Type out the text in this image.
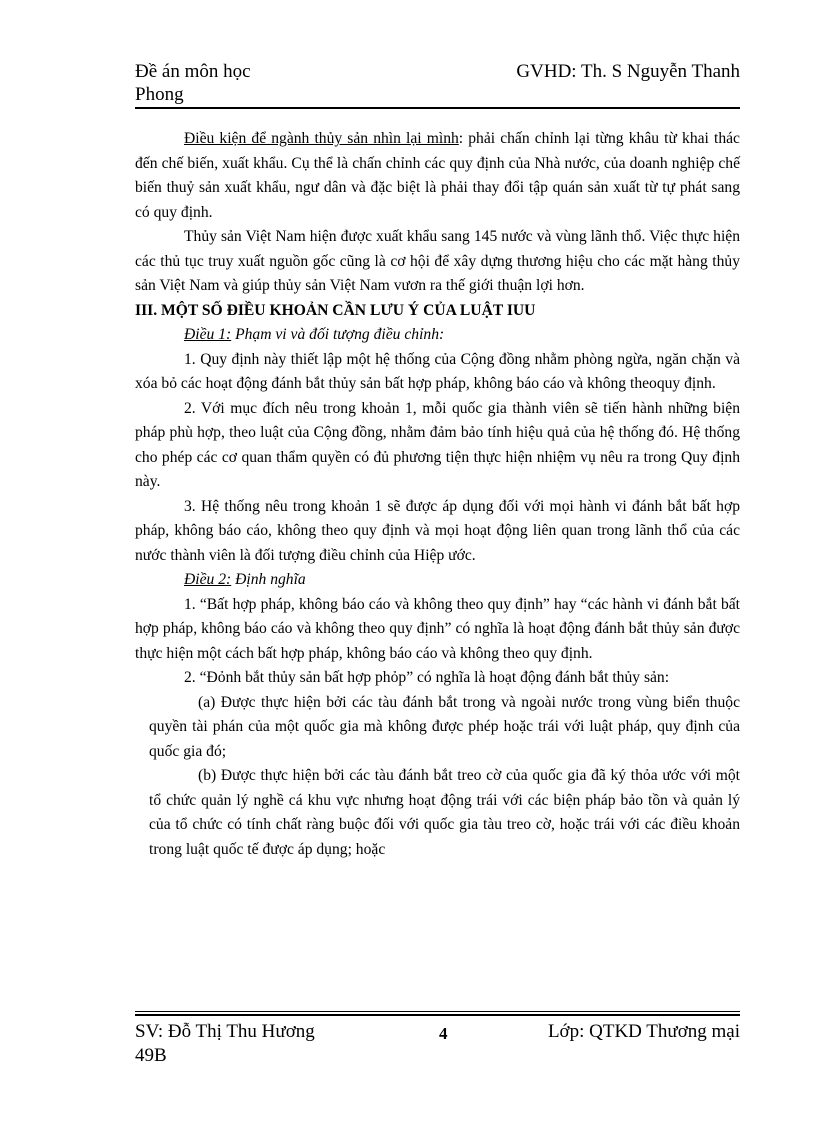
Đề án môn học
Phong
GVHD: Th. S Nguyễn Thanh

Điều kiện để ngành thủy sản nhìn lại mình: phải chấn chỉnh lại từng khâu từ khai thác đến chế biến, xuất khẩu. Cụ thể là chấn chỉnh các quy định của Nhà nước, của doanh nghiệp chế biến thuỷ sản xuất khẩu, ngư dân và đặc biệt là phải thay đổi tập quán sản xuất từ tự phát sang có quy định.

Thủy sản Việt Nam hiện được xuất khẩu sang 145 nước và vùng lãnh thổ. Việc thực hiện các thủ tục truy xuất nguồn gốc cũng là cơ hội để xây dựng thương hiệu cho các mặt hàng thủy sản Việt Nam và giúp thủy sản Việt Nam vươn ra thế giới thuận lợi hơn.

III. MỘT SỐ ĐIỀU KHOẢN CẦN LƯU Ý CỦA LUẬT IUU

Điều 1: Phạm vi và đối tượng điều chỉnh:

1. Quy định này thiết lập một hệ thống của Cộng đồng nhằm phòng ngừa, ngăn chặn và xóa bỏ các hoạt động đánh bắt thủy sản bất hợp pháp, không báo cáo và không theoquy định.

2. Với mục đích nêu trong khoản 1, mỗi quốc gia thành viên sẽ tiến hành những biện pháp phù hợp, theo luật của Cộng đồng, nhằm đảm bảo tính hiệu quả của hệ thống đó. Hệ thống cho phép các cơ quan thẩm quyền có đủ phương tiện thực hiện nhiệm vụ nêu ra trong Quy định này.

3. Hệ thống nêu trong khoản 1 sẽ được áp dụng đối với mọi hành vi đánh bắt bất hợp pháp, không báo cáo, không theo quy định và mọi hoạt động liên quan trong lãnh thổ của các nước thành viên là đối tượng điều chỉnh của Hiệp ước.

Điều 2: Định nghĩa

1. “Bất hợp pháp, không báo cáo và không theo quy định” hay “các hành vi đánh bắt bất hợp pháp, không báo cáo và không theo quy định” có nghĩa là hoạt động đánh bắt thủy sản được thực hiện một cách bất hợp pháp, không báo cáo và không theo quy định.

2. “Đỏnh bắt thủy sản bất hợp phỏp” có nghĩa là hoạt động đánh bắt thủy sản:

(a) Được thực hiện bởi các tàu đánh bắt trong và ngoài nước trong vùng biển thuộc quyền tài phán của một quốc gia mà không được phép hoặc trái với luật pháp, quy định của quốc gia đó;

(b) Được thực hiện bởi các tàu đánh bắt treo cờ của quốc gia đã ký thỏa ước với một tổ chức quản lý nghề cá khu vực nhưng hoạt động trái với các biện pháp bảo tồn và quản lý của tổ chức có tính chất ràng buộc đối với quốc gia tàu treo cờ, hoặc trái với các điều khoản trong luật quốc tế được áp dụng; hoặc

SV: Đỗ Thị Thu Hương
49B
4	Lớp: QTKD Thương mại
